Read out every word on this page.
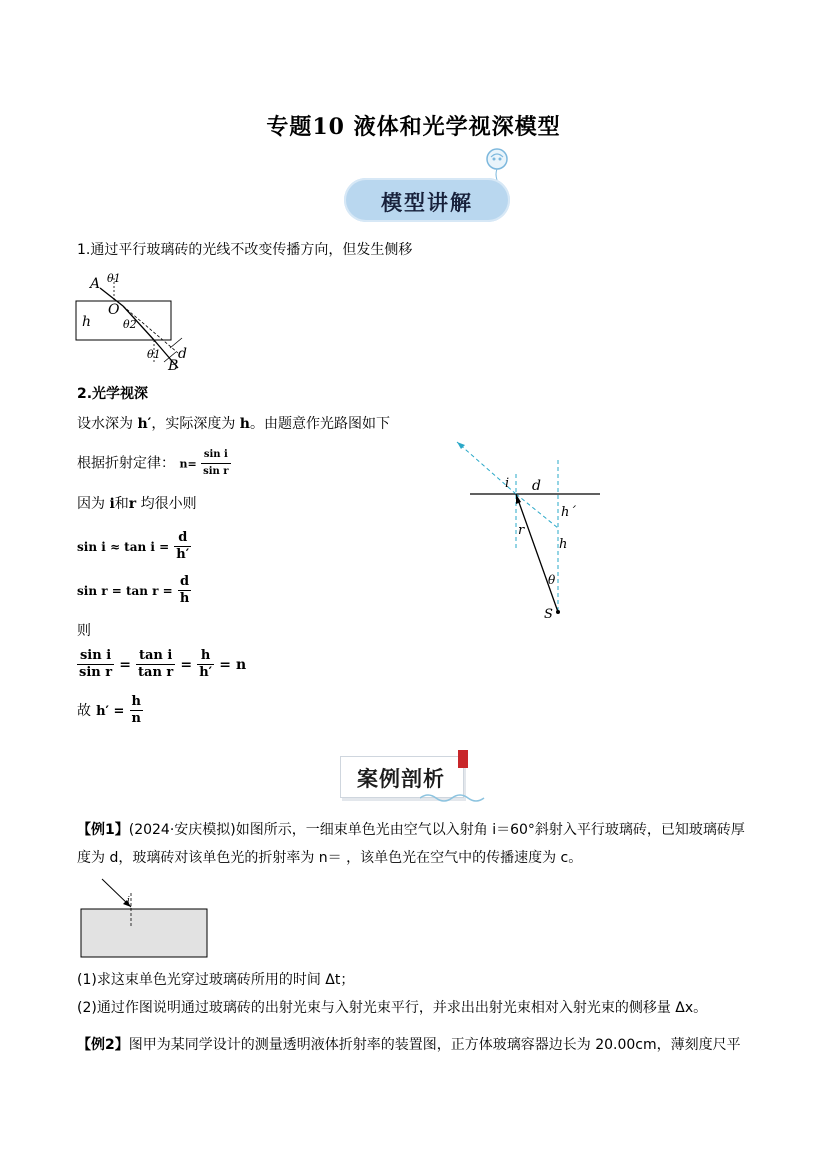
专题10 液体和光学视深模型
模型讲解
1.通过平行玻璃砖的光线不改变传播方向，但发生侧移
A θ1
O
h	θ2
θ1 d
B
2.光学视深
设水深为 h′，实际深度为 h。由题意作光路图如下
根据折射定律： $n= \frac{\text{sin i}}{\text{sin r}}$
因为 i和r 均很小则
$\sin i \approx \tan i = \frac{d}{h'}$
$\sin r = \tan r = \frac{d}{h}$
则
$\frac{\text{sin i}}{\text{sin r}} = \frac{\text{tan i}}{\text{tan r}} = \frac{h}{h'} = n$
故 $h' = \frac{h}{n}$
i d
h´
r
h
θ
S
案例剖析
【例1】(2024·安庆模拟)如图所示，一细束单色光由空气以入射角 i＝60°斜射入平行玻璃砖，已知玻璃砖厚
度为 d，玻璃砖对该单色光的折射率为 n＝ ，该单色光在空气中的传播速度为 c。
i
(1)求这束单色光穿过玻璃砖所用的时间 Δt；
(2)通过作图说明通过玻璃砖的出射光束与入射光束平行，并求出出射光束相对入射光束的侧移量 Δx。
【例2】图甲为某同学设计的测量透明液体折射率的装置图，正方体玻璃容器边长为 20.00cm，薄刻度尺平
